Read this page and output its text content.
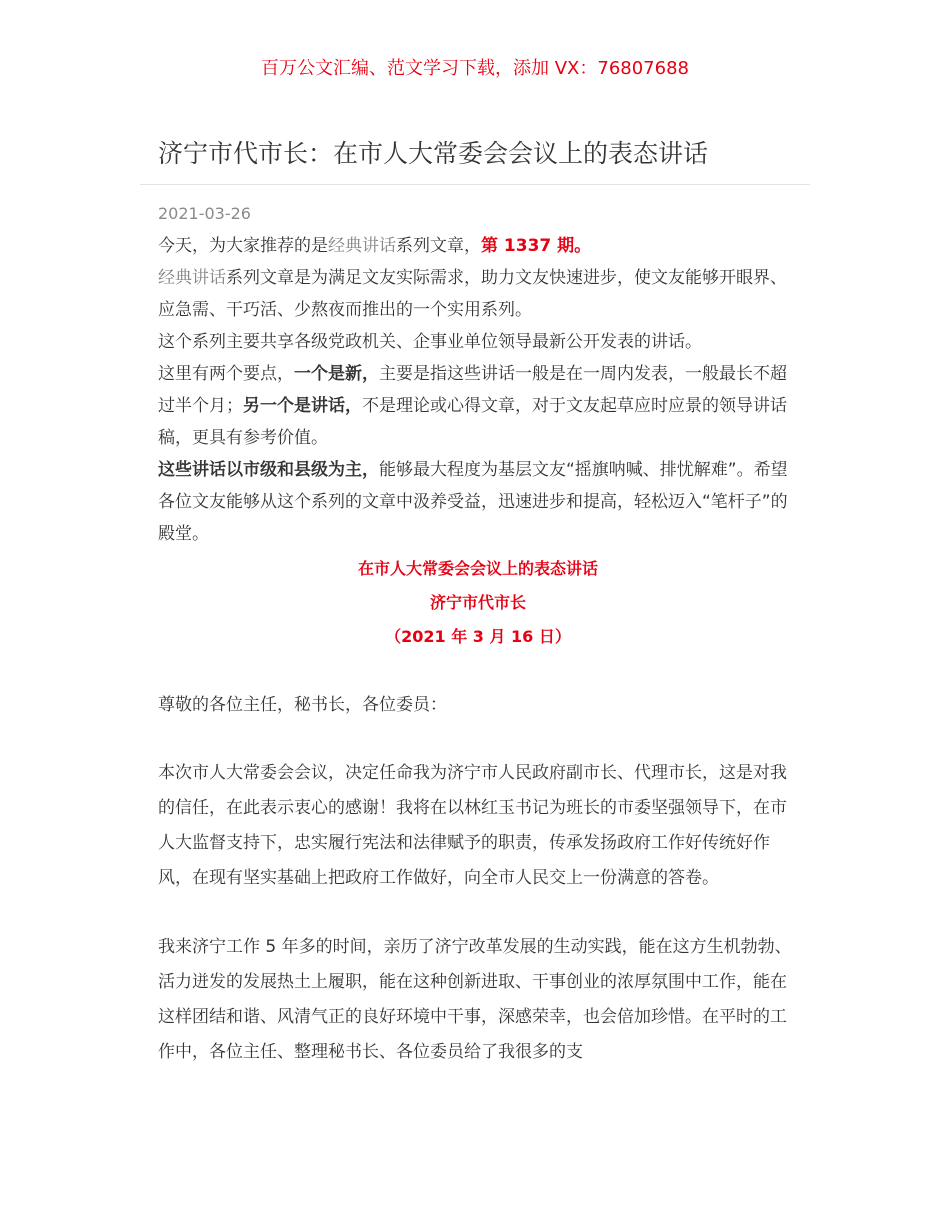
百万公文汇编、范文学习下载，添加 VX：76807688
济宁市代市长：在市人大常委会会议上的表态讲话
2021-03-26

今天，为大家推荐的是经典讲话系列文章，第 1337 期。

经典讲话系列文章是为满足文友实际需求，助力文友快速进步，使文友能够开眼界、应急需、干巧活、少熬夜而推出的一个实用系列。

这个系列主要共享各级党政机关、企事业单位领导最新公开发表的讲话。

这里有两个要点，一个是新，主要是指这些讲话一般是在一周内发表，一般最长不超过半个月；另一个是讲话，不是理论或心得文章，对于文友起草应时应景的领导讲话稿，更具有参考价值。

这些讲话以市级和县级为主，能够最大程度为基层文友“摇旗呐喊、排忧解难”。希望各位文友能够从这个系列的文章中汲养受益，迅速进步和提高，轻松迈入“笔杆子”的殿堂。

在市人大常委会会议上的表态讲话
济宁市代市长
（2021 年 3 月 16 日）

尊敬的各位主任，秘书长，各位委员：

本次市人大常委会会议，决定任命我为济宁市人民政府副市长、代理市长，这是对我的信任，在此表示衷心的感谢！我将在以林红玉书记为班长的市委坚强领导下，在市人大监督支持下，忠实履行宪法和法律赋予的职责，传承发扬政府工作好传统好作风，在现有坚实基础上把政府工作做好，向全市人民交上一份满意的答卷。

我来济宁工作 5 年多的时间，亲历了济宁改革发展的生动实践，能在这方生机勃勃、活力迸发的发展热土上履职，能在这种创新进取、干事创业的浓厚氛围中工作，能在这样团结和谐、风清气正的良好环境中干事，深感荣幸，也会倍加珍惜。在平时的工作中，各位主任、整理秘书长、各位委员给了我很多的支
